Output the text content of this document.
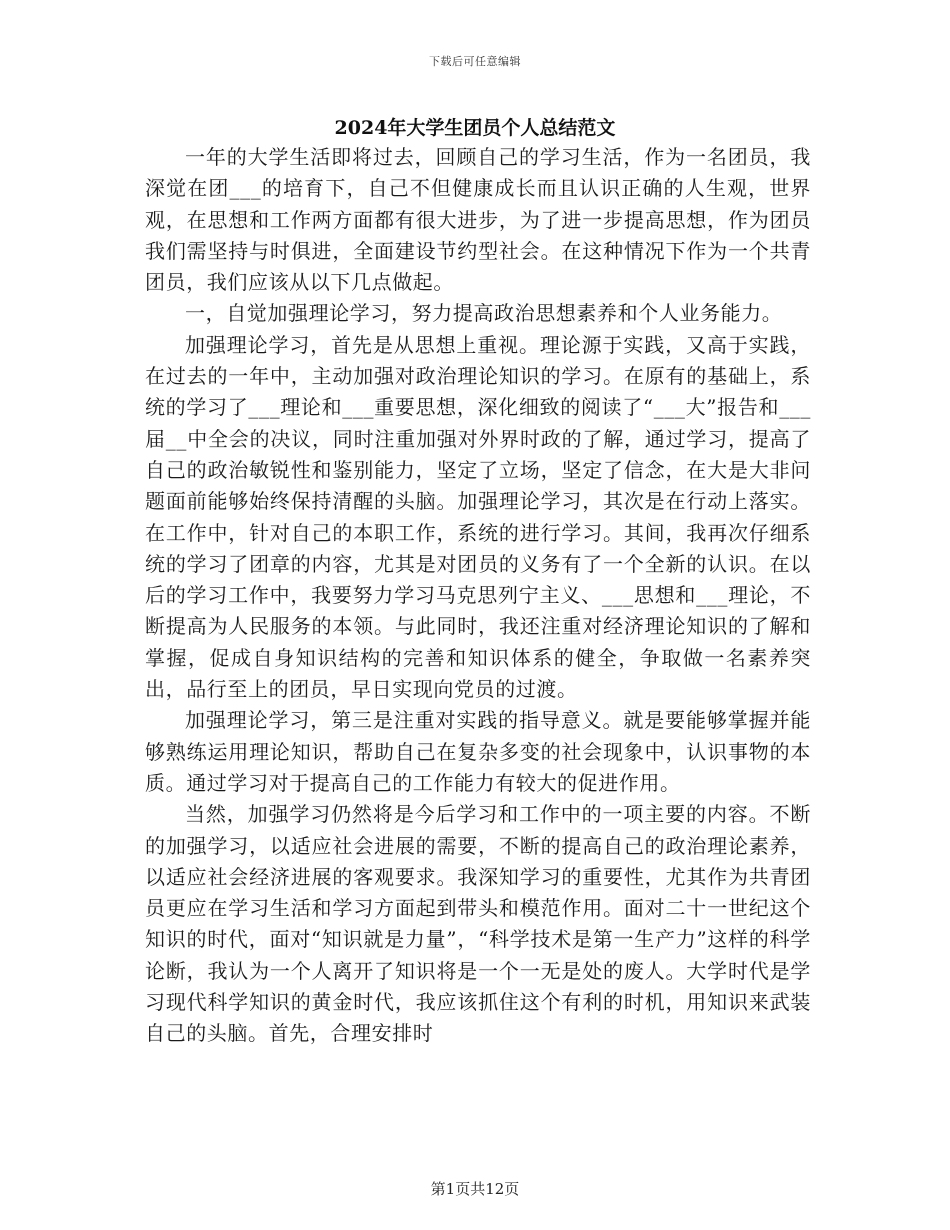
下载后可任意编辑
2024年大学生团员个人总结范文

一年的大学生活即将过去，回顾自己的学习生活，作为一名团员，我深觉在团___的培育下，自己不但健康成长而且认识正确的人生观，世界观，在思想和工作两方面都有很大进步，为了进一步提高思想，作为团员我们需坚持与时俱进，全面建设节约型社会。在这种情况下作为一个共青团员，我们应该从以下几点做起。

一，自觉加强理论学习，努力提高政治思想素养和个人业务能力。

加强理论学习，首先是从思想上重视。理论源于实践，又高于实践，在过去的一年中，主动加强对政治理论知识的学习。在原有的基础上，系统的学习了___理论和___重要思想，深化细致的阅读了“___大”报告和___届__中全会的决议，同时注重加强对外界时政的了解，通过学习，提高了自己的政治敏锐性和鉴别能力，坚定了立场，坚定了信念，在大是大非问题面前能够始终保持清醒的头脑。加强理论学习，其次是在行动上落实。在工作中，针对自己的本职工作，系统的进行学习。其间，我再次仔细系统的学习了团章的内容，尤其是对团员的义务有了一个全新的认识。在以后的学习工作中，我要努力学习马克思列宁主义、___思想和___理论，不断提高为人民服务的本领。与此同时，我还注重对经济理论知识的了解和掌握，促成自身知识结构的完善和知识体系的健全，争取做一名素养突出，品行至上的团员，早日实现向党员的过渡。

加强理论学习，第三是注重对实践的指导意义。就是要能够掌握并能够熟练运用理论知识，帮助自己在复杂多变的社会现象中，认识事物的本质。通过学习对于提高自己的工作能力有较大的促进作用。

当然，加强学习仍然将是今后学习和工作中的一项主要的内容。不断的加强学习，以适应社会进展的需要，不断的提高自己的政治理论素养，以适应社会经济进展的客观要求。我深知学习的重要性，尤其作为共青团员更应在学习生活和学习方面起到带头和模范作用。面对二十一世纪这个知识的时代，面对“知识就是力量”，“科学技术是第一生产力”这样的科学论断，我认为一个人离开了知识将是一个一无是处的废人。大学时代是学习现代科学知识的黄金时代，我应该抓住这个有利的时机，用知识来武装自己的头脑。首先，合理安排时

第1页共12页
